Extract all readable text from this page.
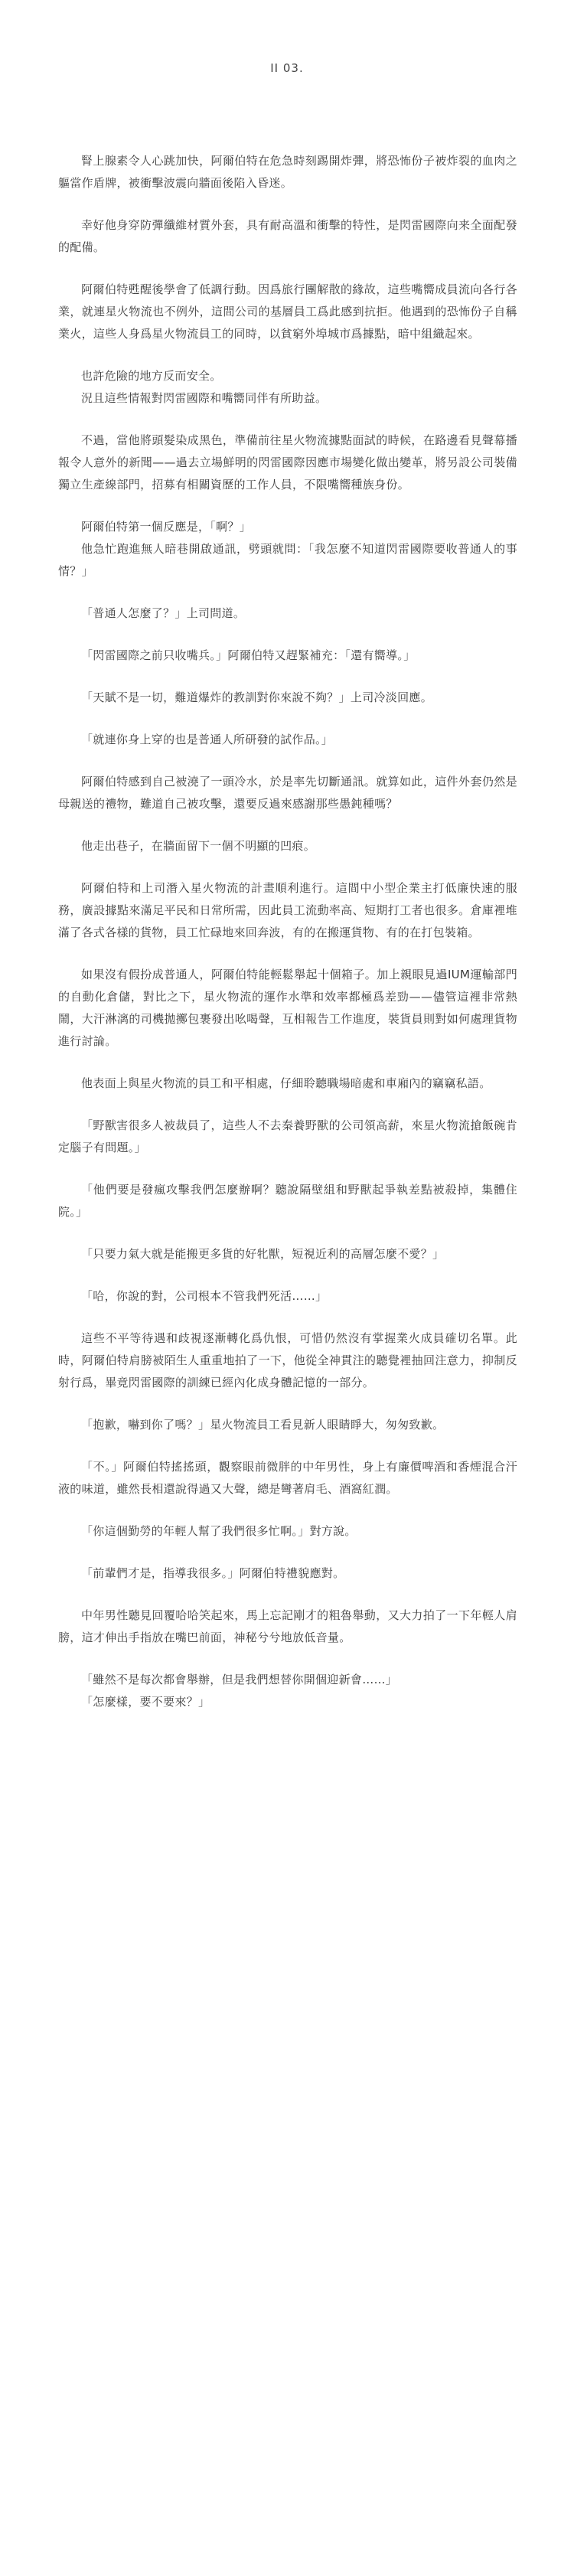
II 03.

腎上腺素令人心跳加快，阿爾伯特在危急時刻踢開炸彈，將恐怖份子被炸裂的血肉之軀當作盾牌，被衝擊波震向牆面後陷入昏迷。

幸好他身穿防彈纖維材質外套，具有耐高溫和衝擊的特性，是閃雷國際向来全面配發的配備。

阿爾伯特甦醒後學會了低調行動。因爲旅行團解散的緣故，這些嘴嚮成員流向各行各業，就連星火物流也不例外，這間公司的基層員工爲此感到抗拒。他遇到的恐怖份子自稱業火，這些人身爲星火物流員工的同時，以貧窮外埠城市爲據點，暗中組織起來。

也許危險的地方反而安全。

況且這些情報對閃雷國際和嘴嚮同伴有所助益。

不過，當他將頭髮染成黑色，準備前往星火物流據點面試的時候，在路邊看見聲幕播報令人意外的新聞——過去立場鮮明的閃雷國際因應市場變化做出變革，將另設公司裝備獨立生產線部門，招募有相關資歷的工作人員，不限嘴嚮種族身份。

阿爾伯特第一個反應是，「啊？」

他急忙跑進無人暗巷開啟通訊，劈頭就問：「我怎麼不知道閃雷國際要收普通人的事情？」

「普通人怎麼了？」上司問道。

「閃雷國際之前只收嘴兵。」阿爾伯特又趕緊補充：「還有嚮導。」

「天賦不是一切，難道爆炸的教訓對你來說不夠？」上司冷淡回應。

「就連你身上穿的也是普通人所研發的試作品。」

阿爾伯特感到自己被澆了一頭冷水，於是率先切斷通訊。就算如此，這件外套仍然是母親送的禮物，難道自己被攻擊，還要反過來感謝那些愚鈍種嗎？

他走出巷子，在牆面留下一個不明顯的凹痕。

阿爾伯特和上司潛入星火物流的計畫順利進行。這間中小型企業主打低廉快速的服務，廣設據點來滿足平民和日常所需，因此員工流動率高、短期打工者也很多。倉庫裡堆滿了各式各樣的貨物，員工忙碌地來回奔波，有的在搬運貨物、有的在打包裝箱。

如果沒有假扮成普通人，阿爾伯特能輕鬆舉起十個箱子。加上親眼見過IUM運輸部門的自動化倉儲，對比之下，星火物流的運作水準和效率都極爲差勁——儘管這裡非常熱鬧，大汗淋漓的司機拋擲包裹發出吆喝聲，互相報告工作進度，裝貨員則對如何處理貨物進行討論。

他表面上與星火物流的員工和平相處，仔細聆聽職場暗處和車廂內的竊竊私語。

「野獸害很多人被裁員了，這些人不去秦養野獸的公司領高薪，來星火物流搶飯碗肯定腦子有問題。」

「他們要是發瘋攻擊我們怎麼辦啊？聽說隔壁組和野獸起爭執差點被殺掉，集體住院。」

「只要力氣大就是能搬更多貨的好牝獸，短視近利的高層怎麼不愛？」

「哈，你說的對，公司根本不管我們死活……」

這些不平等待遇和歧視逐漸轉化爲仇恨，可惜仍然沒有掌握業火成員確切名單。此時，阿爾伯特肩膀被陌生人重重地拍了一下，他從全神貫注的聽覺裡抽回注意力，抑制反射行爲，畢竟閃雷國際的訓練已經內化成身體記憶的一部分。

「抱歉，嚇到你了嗎？」星火物流員工看見新人眼睛睜大，匆匆致歉。

「不。」阿爾伯特搖搖頭，觀察眼前微胖的中年男性，身上有廉價啤酒和香煙混合汗液的味道，雖然長相還說得過又大聲，總是彎著肩毛、酒窩紅潤。

「你這個勤勞的年輕人幫了我們很多忙啊。」對方說。

「前輩們才是，指導我很多。」阿爾伯特禮貌應對。

中年男性聽見回覆哈哈笑起來，馬上忘記剛才的粗魯舉動，又大力拍了一下年輕人肩膀，這才伸出手指放在嘴巴前面，神秘兮兮地放低音量。

「雖然不是每次都會舉辦，但是我們想替你開個迎新會……」

「怎麼樣，要不要來？」
